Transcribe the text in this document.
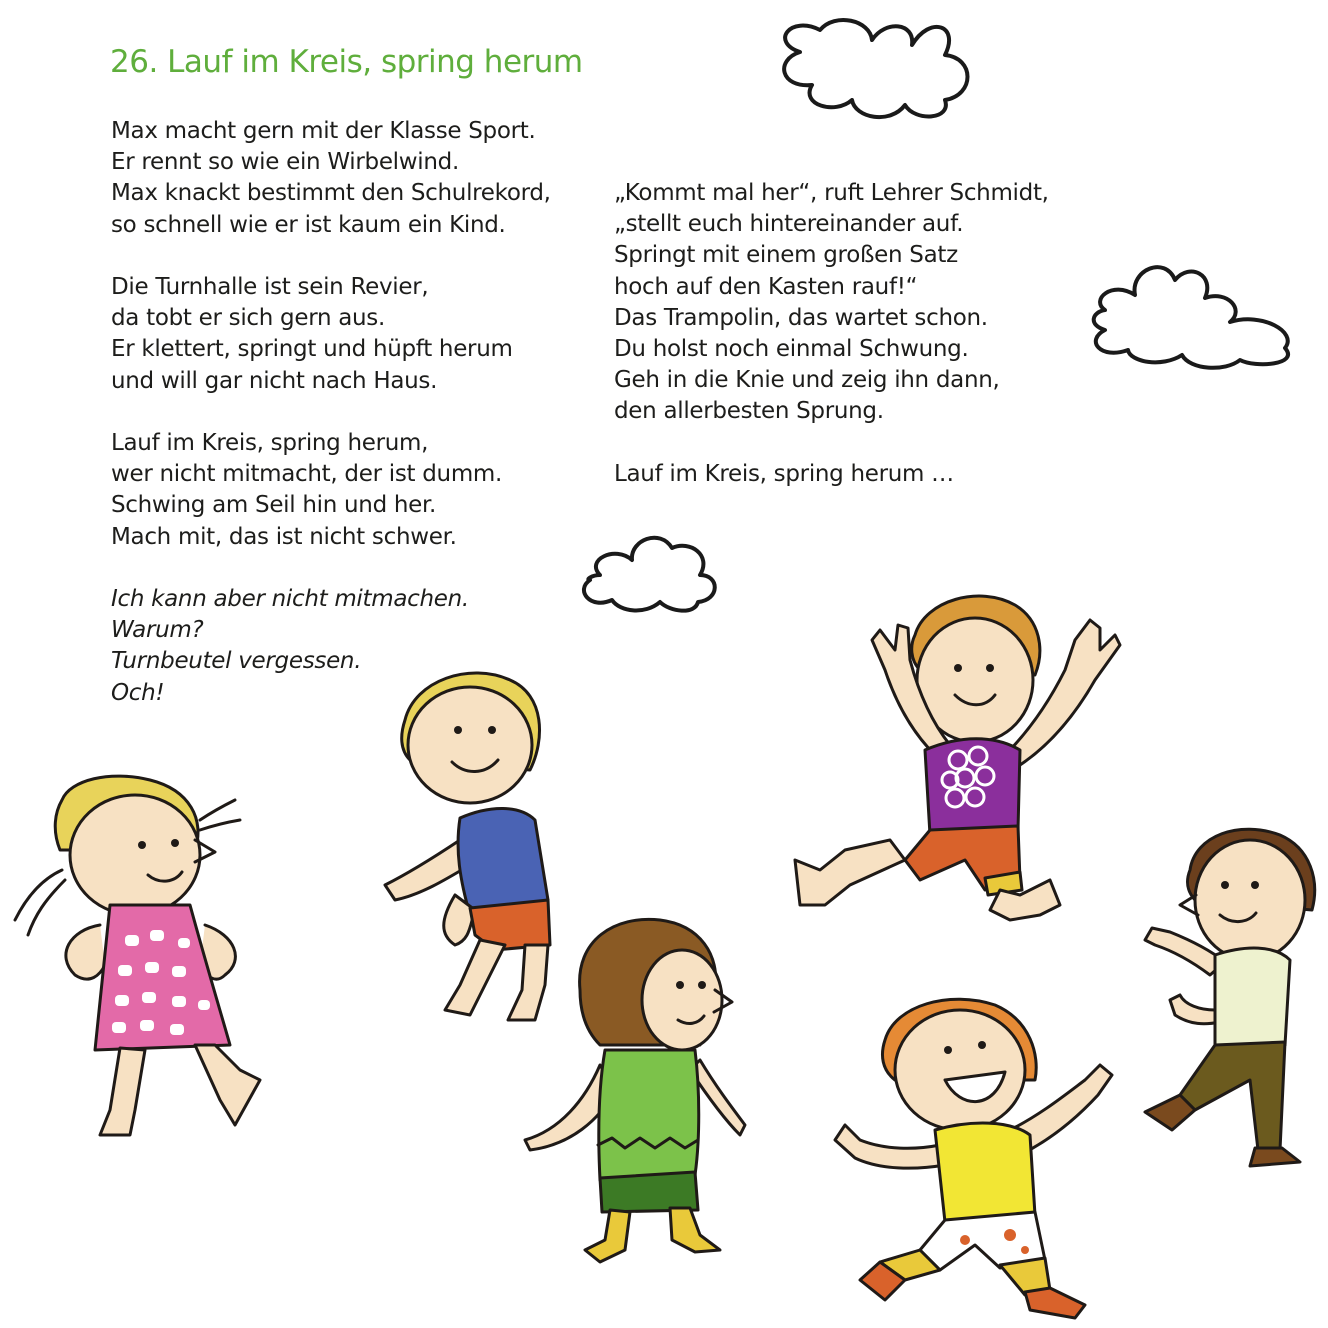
26. Lauf im Kreis, spring herum
Max macht gern mit der Klasse Sport.
Er rennt so wie ein Wirbelwind.
Max knackt bestimmt den Schulrekord,
so schnell wie er ist kaum ein Kind.
Die Turnhalle ist sein Revier,
da tobt er sich gern aus.
Er klettert, springt und hüpft herum
und will gar nicht nach Haus.
Lauf im Kreis, spring herum,
wer nicht mitmacht, der ist dumm.
Schwing am Seil hin und her.
Mach mit, das ist nicht schwer.
Ich kann aber nicht mitmachen.
Warum?
Turnbeutel vergessen.
Och!
„Kommt mal her“, ruft Lehrer Schmidt,
„stellt euch hintereinander auf.
Springt mit einem großen Satz
hoch auf den Kasten rauf!“
Das Trampolin, das wartet schon.
Du holst noch einmal Schwung.
Geh in die Knie und zeig ihn dann,
den allerbesten Sprung.
Lauf im Kreis, spring herum …
